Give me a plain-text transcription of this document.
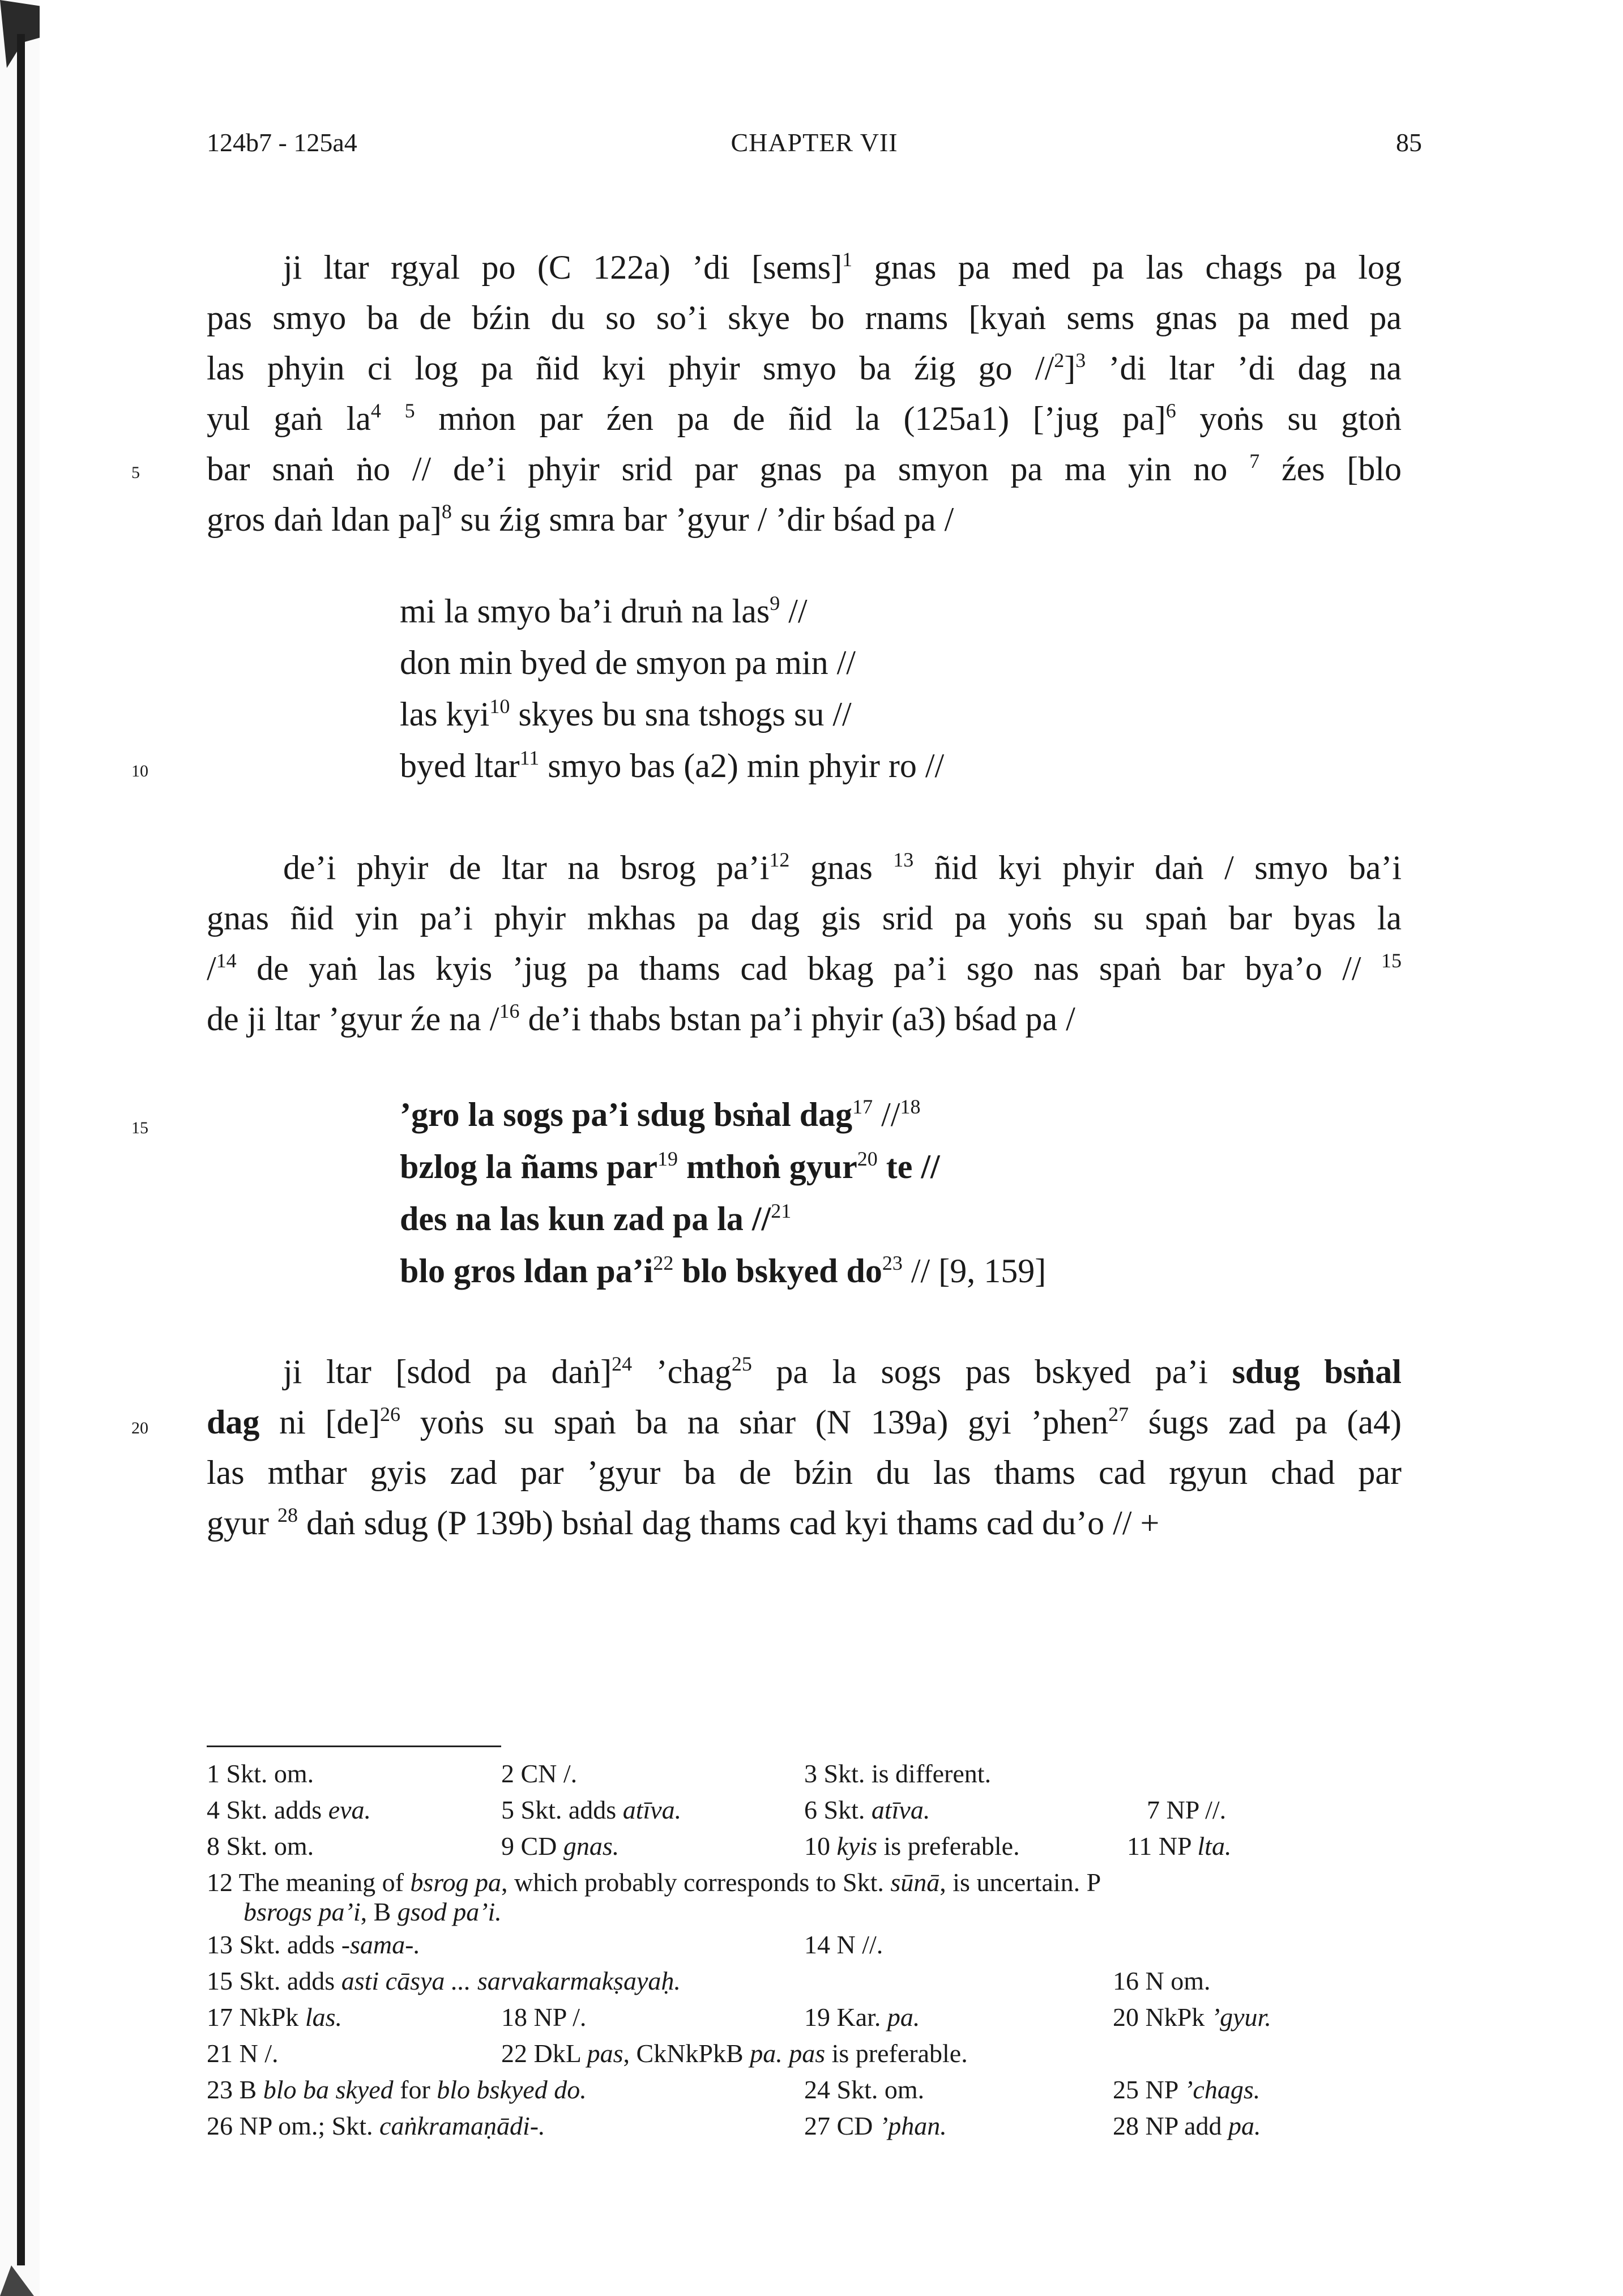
124b7 - 125a4	CHAPTER VII	85
5
10
15
20
ji ltar rgyal po (C 122a) ’di [sems]$^1$ gnas pa med pa las chags pa log
pas smyo ba de bźin du so so’i skye bo rnams [kyaṅ sems gnas pa med pa
las phyin ci log pa ñid kyi phyir smyo ba źig go //$^2$]$^3$ ’di ltar ’di dag na
yul gaṅ $la^4$ $^5$ mṅon par źen pa de ñid la (125a1) [’jug pa]$^6$ yoṅs su gtoṅ
bar snaṅ ṅo // de’i phyir srid par gnas pa smyon pa ma yin no $^7$ źes [blo
gros daṅ ldan pa]$^8$ su źig smra bar ’gyur / ’dir bśad pa /
mi la smyo ba’i druṅ na las$^9$ //
don min byed de smyon pa min //
las kyi$^{10}$ skyes bu sna tshogs su //
byed ltar$^{11}$ smyo bas (a2) min phyir ro //
de’i phyir de ltar na bsrog $pa’i^{12}$ gnas $^{13}$ ñid kyi phyir daṅ / smyo ba’i
gnas ñid yin pa’i phyir mkhas pa dag gis srid pa yoṅs su spaṅ bar byas la
/$^{14}$ de yaṅ las kyis ’jug pa thams cad bkag pa’i sgo nas spaṅ bar bya’o // $^{15}$
de ji ltar ’gyur źe na /$^{16}$ de’i thabs bstan pa’i phyir (a3) bśad pa /
’gro la sogs pa’i sdug bsṅal dag$^{17}$ //$^{18}$
bzlog la ñams par$^{19}$ mthoṅ gyur$^{20}$ te //
des na las kun zad pa la //$^{21}$
blo gros ldan $pa’i^{22}$ blo bskyed $do^{23} // [9$, 159]
ji ltar [sdod pa daṅ]$^{24}$ ’chag$^{25}$ pa la sogs pas bskyed pa’i sdug bsṅal
dag ni [de]$^{26}$ yoṅs su spaṅ ba na sṅar (N 139a) gyi ’phen$^{27}$ śugs zad pa (a4)
las mthar gyis zad par ’gyur ba de bźin du las thams cad rgyun chad par
gyur $^{28}$ daṅ sdug (P 139b) bsṅal dag thams cad kyi thams cad du’o // +
1 Skt. om.	2 CN /.	3 Skt. is different.
4 Skt. adds eva.	5 Skt. adds atīva.	6 Skt. atīva.	7 NP //.
8 Skt. om.	9 CD gnas.	10 kyis is preferable.	11 NP lta.
12 The meaning of bsrog pa, which probably corresponds to Skt. sūnā, is uncertain. P
bsrogs pa’i, B gsod pa’i.
13 Skt. adds -sama-.	14 N //.
15 Skt. adds asti cāsya ... sarvakarmakṣayaḥ.	16 N om.
17 NkPk las.	18 NP /.	19 Kar. pa.	20 NkPk ’gyur.
21 N /.	22 DkL pas, CkNkPkB pa. pas is preferable.
23 B blo ba skyed for blo bskyed do.	24 Skt. om.	25 NP ’chags.
26 NP om.; Skt. caṅkramaṇādi-.	27 CD ’phan.	28 NP add pa.
